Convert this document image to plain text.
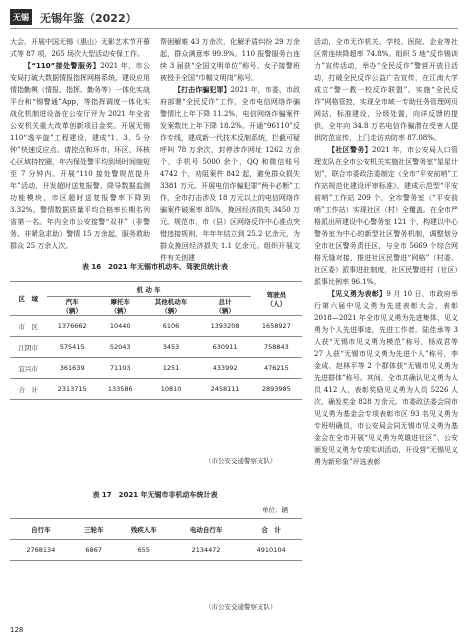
无锡 无锡年鉴（2022）

大会、开展中国无锡（惠山）无影艺术节开幕式等 87 项，265 场次大型活动安保工作。

【“110”接处警服务】2021 年，市公安局打破大数据情报指挥网格系统，建设应用情指勤舆（情报、指挥、勤务等）一体化实战平台和“锡警通”App，等指挥调度一体化实战化机制进设备在公安厅评为 2021 年全省公安机关重大改革创新项目金奖。开展无锡 110“逸辛旋”工程建设，建成“1、3、5 分钟”快速反应点、请控点和环市、环区、环核心区域持控圈，年内保处警平均到场时间缩短至 7 分钟内。开展“110 接处警规范提升年”活动，开发超时送复报警、降导数据监测功能模块，市区超时送复报警率下降到 3.32%。警情数据质量平均合格率长期名列省第一名。年内全市公安接警“双非”（非警务、非紧急求助）警情 15 万余起，服务救助群众 25 万余人次。

帮困解难 43 万余次，化解矛盾纠纷 29 万余起，群众满意率 99.9%。110 报警服务台连续 3 届获“全国文明单位”称号，女子接警班被授予全国“巾帼文明岗”称号。

【打击诈骗犯罪】2021 年，市委、市政府部署“全民反诈”工作，全市电信网络诈骗警情比上年下降 11.2%，电信网络诈骗案件发案数比上年下降 18.2%。开通“96110”反诈专线，建成新一代技术反制系统，拦截可疑呼叫 78 万余次，封停涉诈网址 1262 万余个，手机号 5000 余个，QQ 和微信账号 4742 个，劝阻案件 842 起，避免群众损失 3381 万元。开展电信诈骗犯罪“两卡必断”工作，全市打击涉及 18 万元以上的电信网络诈骗案件破案率 85%，挽回经济损失 3450 万元。规范市、市（县）区网络反诈中心准点突错违接规则，年年年结立到 25.2 亿余元，为群众挽回经济损失 1.1 亿余元。组织开展文件有关创建

活动，全市无诈机关、学校、医院、企业等社区常连续降超率 74.8%。组织 5 地“反诈锡训力”宣传活动，举办“全民反诈”警营开放日活动，打破全民反诈公益广告宣传，在江南大学成立“警一教一校反诈联盟”。实施“全民反诈”网格管控，实现全市域一专助任务管理网页网站，标准建设，分级处置，向详反馈的提供，全年向 34.8 万名电信诈骗潜在受害人提供防范宣传，上门走访劝防率 87.08%。

【社区警务】2021 年，市公安局人口管理支队在全市公安机关实施社区警务室“星星计划”，联合市委政法委制定《全市“平安前哨”工作站规范化建设评审标准》，建成示范型“平安前哨”工作站 209 个，全市警务室（“平安前哨”工作站）实现社区（村）全覆盖。在全市严格派出所建设中心警务室 121 个，构建以中心警务室为中心的新型社区警务机制，调整划分全市社区警务责任区，与全市 5669 个综合网格无缝对接，推进社区民警进“网格”（村委、社区委）派事进驻制度，社区民警进村（社区）派事比例率 96.1%。

【见义勇为表彰】9 月 10 日，市政府举行第六届中见义勇为先进表彰大会，表彰 2018—2021 年全市见义勇为先进集体、见义勇为个人先进事迹，先进工作者。陆佳承等 3 人获“无锡市见义勇为模范”称号，杨成君等 27 人获“无锡市见义勇为先进个人”称号，李金成、赵林平等 2 个群体获“无锡市见义勇为先进群体”称号。其间，全市共确认见义勇为人员 412 人，表彰奖励见义勇为人员 5226 人次，确发奖金 828 万余元。市委政法委会同市见义勇为基金会专项表彰市区 93 名见义勇为专班明确员，市公安局会同无锡市见义勇为基金会在全市开展“见义勇为英雄进社区”、公安颁发见义勇为专项实训活动，开设营“无锡见义勇为新形象”评选表彰

表 16　2021 年无锡市机动车、驾驶员统计表
区　域	机 动 车				驾驶员
（人）
	汽车
（辆）	摩托车
（辆）	其他机动车
（辆）	总计
（辆）	
市　区	1376662	10440	6106	1393208	1658927
江阴市	575415	52043	3453	630911	758843
宜兴市	361639	71103	1251	433992	476215
合　计	2313715	133586	10810	2458111	2893985
（市公安交通警察支队）
表 17　2021 年无锡市非机动车统计表
单位：辆
自行车	三轮车	残疾人车	电动自行车	合　计
2768134	6867	655	2134472	4910104
（市公安交通警察支队）
128
